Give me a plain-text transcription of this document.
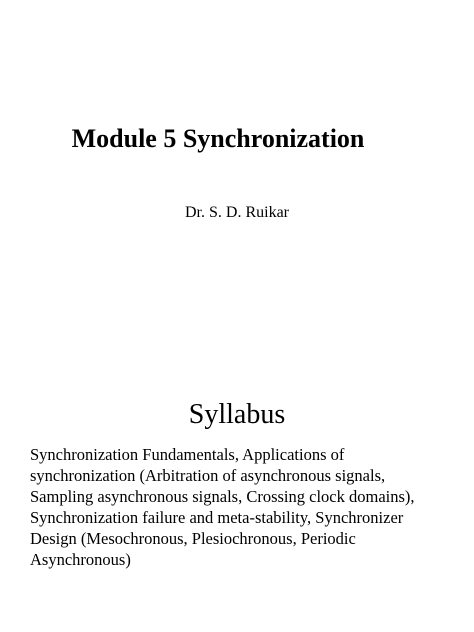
Module 5 Synchronization
Dr. S. D. Ruikar
Syllabus
Synchronization Fundamentals, Applications of
synchronization (Arbitration of asynchronous signals,
Sampling asynchronous signals, Crossing clock domains),
Synchronization failure and meta-stability, Synchronizer
Design (Mesochronous, Plesiochronous, Periodic
Asynchronous)
